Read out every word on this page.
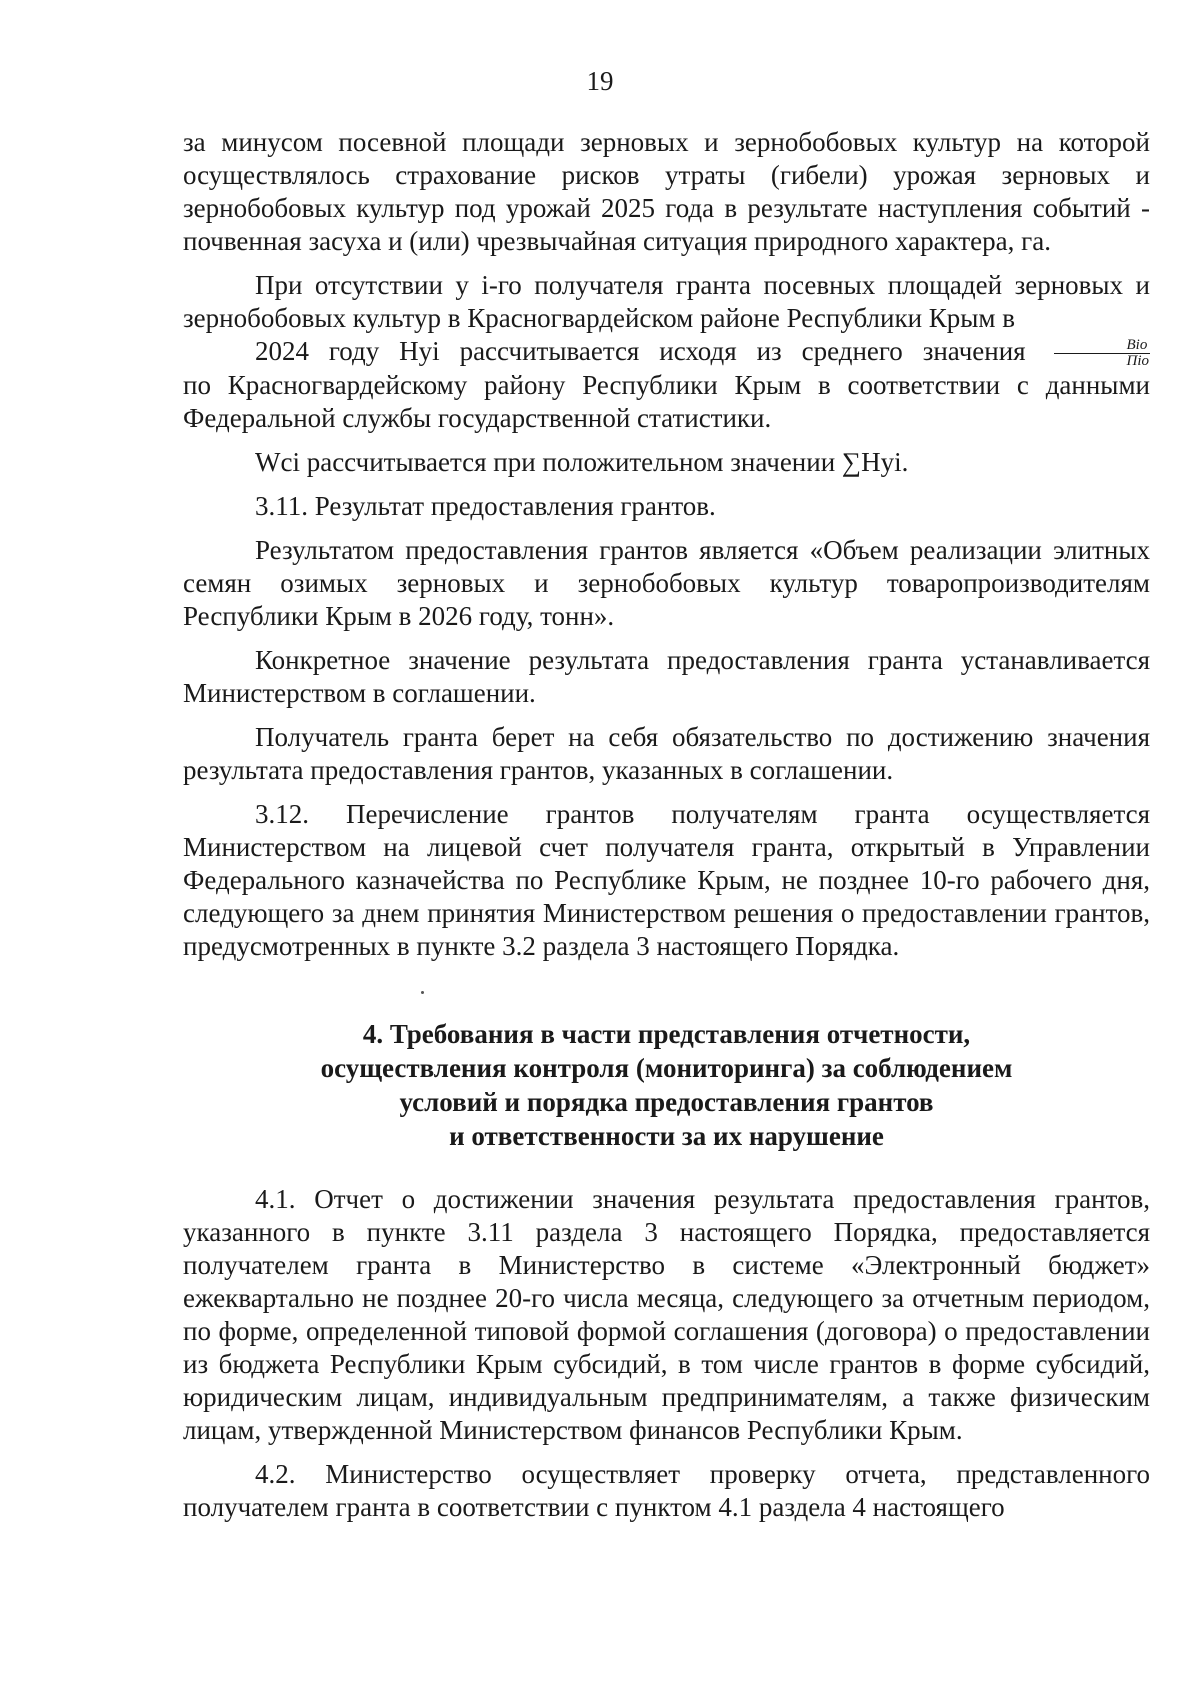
19

за минусом посевной площади зерновых и зернобобовых культур на которой осуществлялось страхование рисков утраты (гибели) урожая зерновых и зернобобовых культур под урожай 2025 года в результате наступления событий - почвенная засуха и (или) чрезвычайная ситуация природного характера, га.

При отсутствии у i-го получателя гранта посевных площадей зерновых и зернобобовых культур в Красногвардейском районе Республики Крым в

2024 году Hуi рассчитывается исходя из среднего значения $\frac{\text{Bio}}{\text{Пio}}$

по Красногвардейскому району Республики Крым в соответствии с данными Федеральной службы государственной статистики.

Wci рассчитывается при положительном значении ∑Hуi.

3.11. Результат предоставления грантов.

Результатом предоставления грантов является «Объем реализации элитных семян озимых зерновых и зернобобовых культур товаропроизводителям Республики Крым в 2026 году, тонн».

Конкретное значение результата предоставления гранта устанавливается Министерством в соглашении.

Получатель гранта берет на себя обязательство по достижению значения результата предоставления грантов, указанных в соглашении.

3.12. Перечисление грантов получателям гранта осуществляется Министерством на лицевой счет получателя гранта, открытый в Управлении Федерального казначейства по Республике Крым, не позднее 10-го рабочего дня, следующего за днем принятия Министерством решения о предоставлении грантов, предусмотренных в пункте 3.2 раздела 3 настоящего Порядка.

4. Требования в части представления отчетности,
осуществления контроля (мониторинга) за соблюдением
условий и порядка предоставления грантов
и ответственности за их нарушение

4.1. Отчет о достижении значения результата предоставления грантов, указанного в пункте 3.11 раздела 3 настоящего Порядка, предоставляется получателем гранта в Министерство в системе «Электронный бюджет» ежеквартально не позднее 20-го числа месяца, следующего за отчетным периодом, по форме, определенной типовой формой соглашения (договора) о предоставлении из бюджета Республики Крым субсидий, в том числе грантов в форме субсидий, юридическим лицам, индивидуальным предпринимателям, а также физическим лицам, утвержденной Министерством финансов Республики Крым.

4.2. Министерство осуществляет проверку отчета, представленного получателем гранта в соответствии с пунктом 4.1 раздела 4 настоящего
